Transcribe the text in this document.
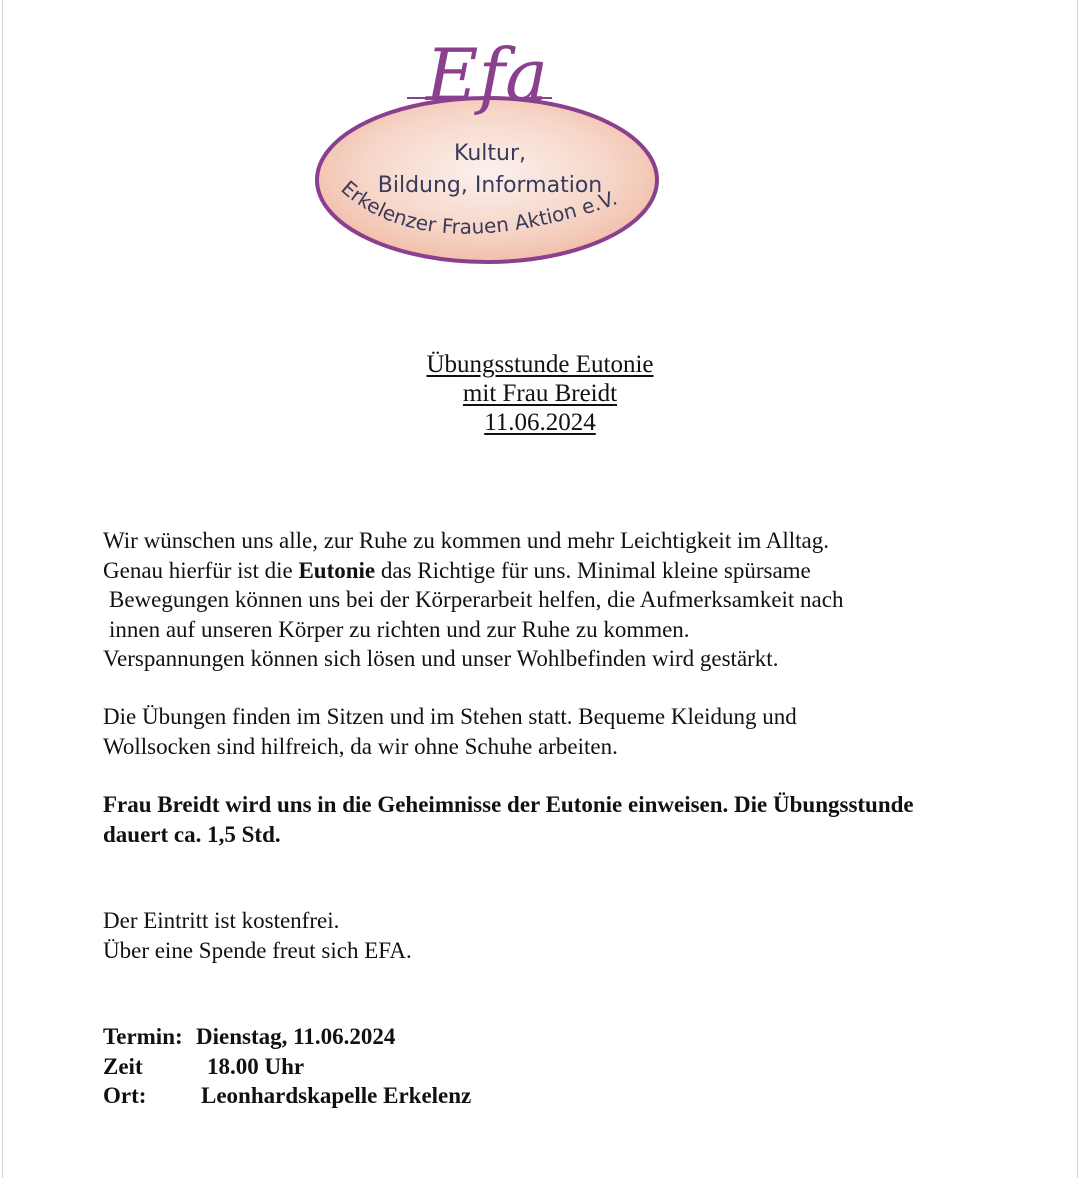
Efa
Kultur,
Bildung, Information
Erkelenzer Frauen Aktion e.V.
Übungsstunde Eutonie
mit Frau Breidt
11.06.2024
Wir wünschen uns alle, zur Ruhe zu kommen und mehr Leichtigkeit im Alltag.
Genau hierfür ist die Eutonie das Richtige für uns. Minimal kleine spürsame
Bewegungen können uns bei der Körperarbeit helfen, die Aufmerksamkeit nach
innen auf unseren Körper zu richten und zur Ruhe zu kommen.
Verspannungen können sich lösen und unser Wohlbefinden wird gestärkt.
Die Übungen finden im Sitzen und im Stehen statt. Bequeme Kleidung und
Wollsocken sind hilfreich, da wir ohne Schuhe arbeiten.
Frau Breidt wird uns in die Geheimnisse der Eutonie einweisen. Die Übungsstunde
dauert ca. 1,5 Std.
Der Eintritt ist kostenfrei.
Über eine Spende freut sich EFA.
Termin: Dienstag, 11.06.2024
Zeit	18.00 Uhr
Ort:	Leonhardskapelle Erkelenz
